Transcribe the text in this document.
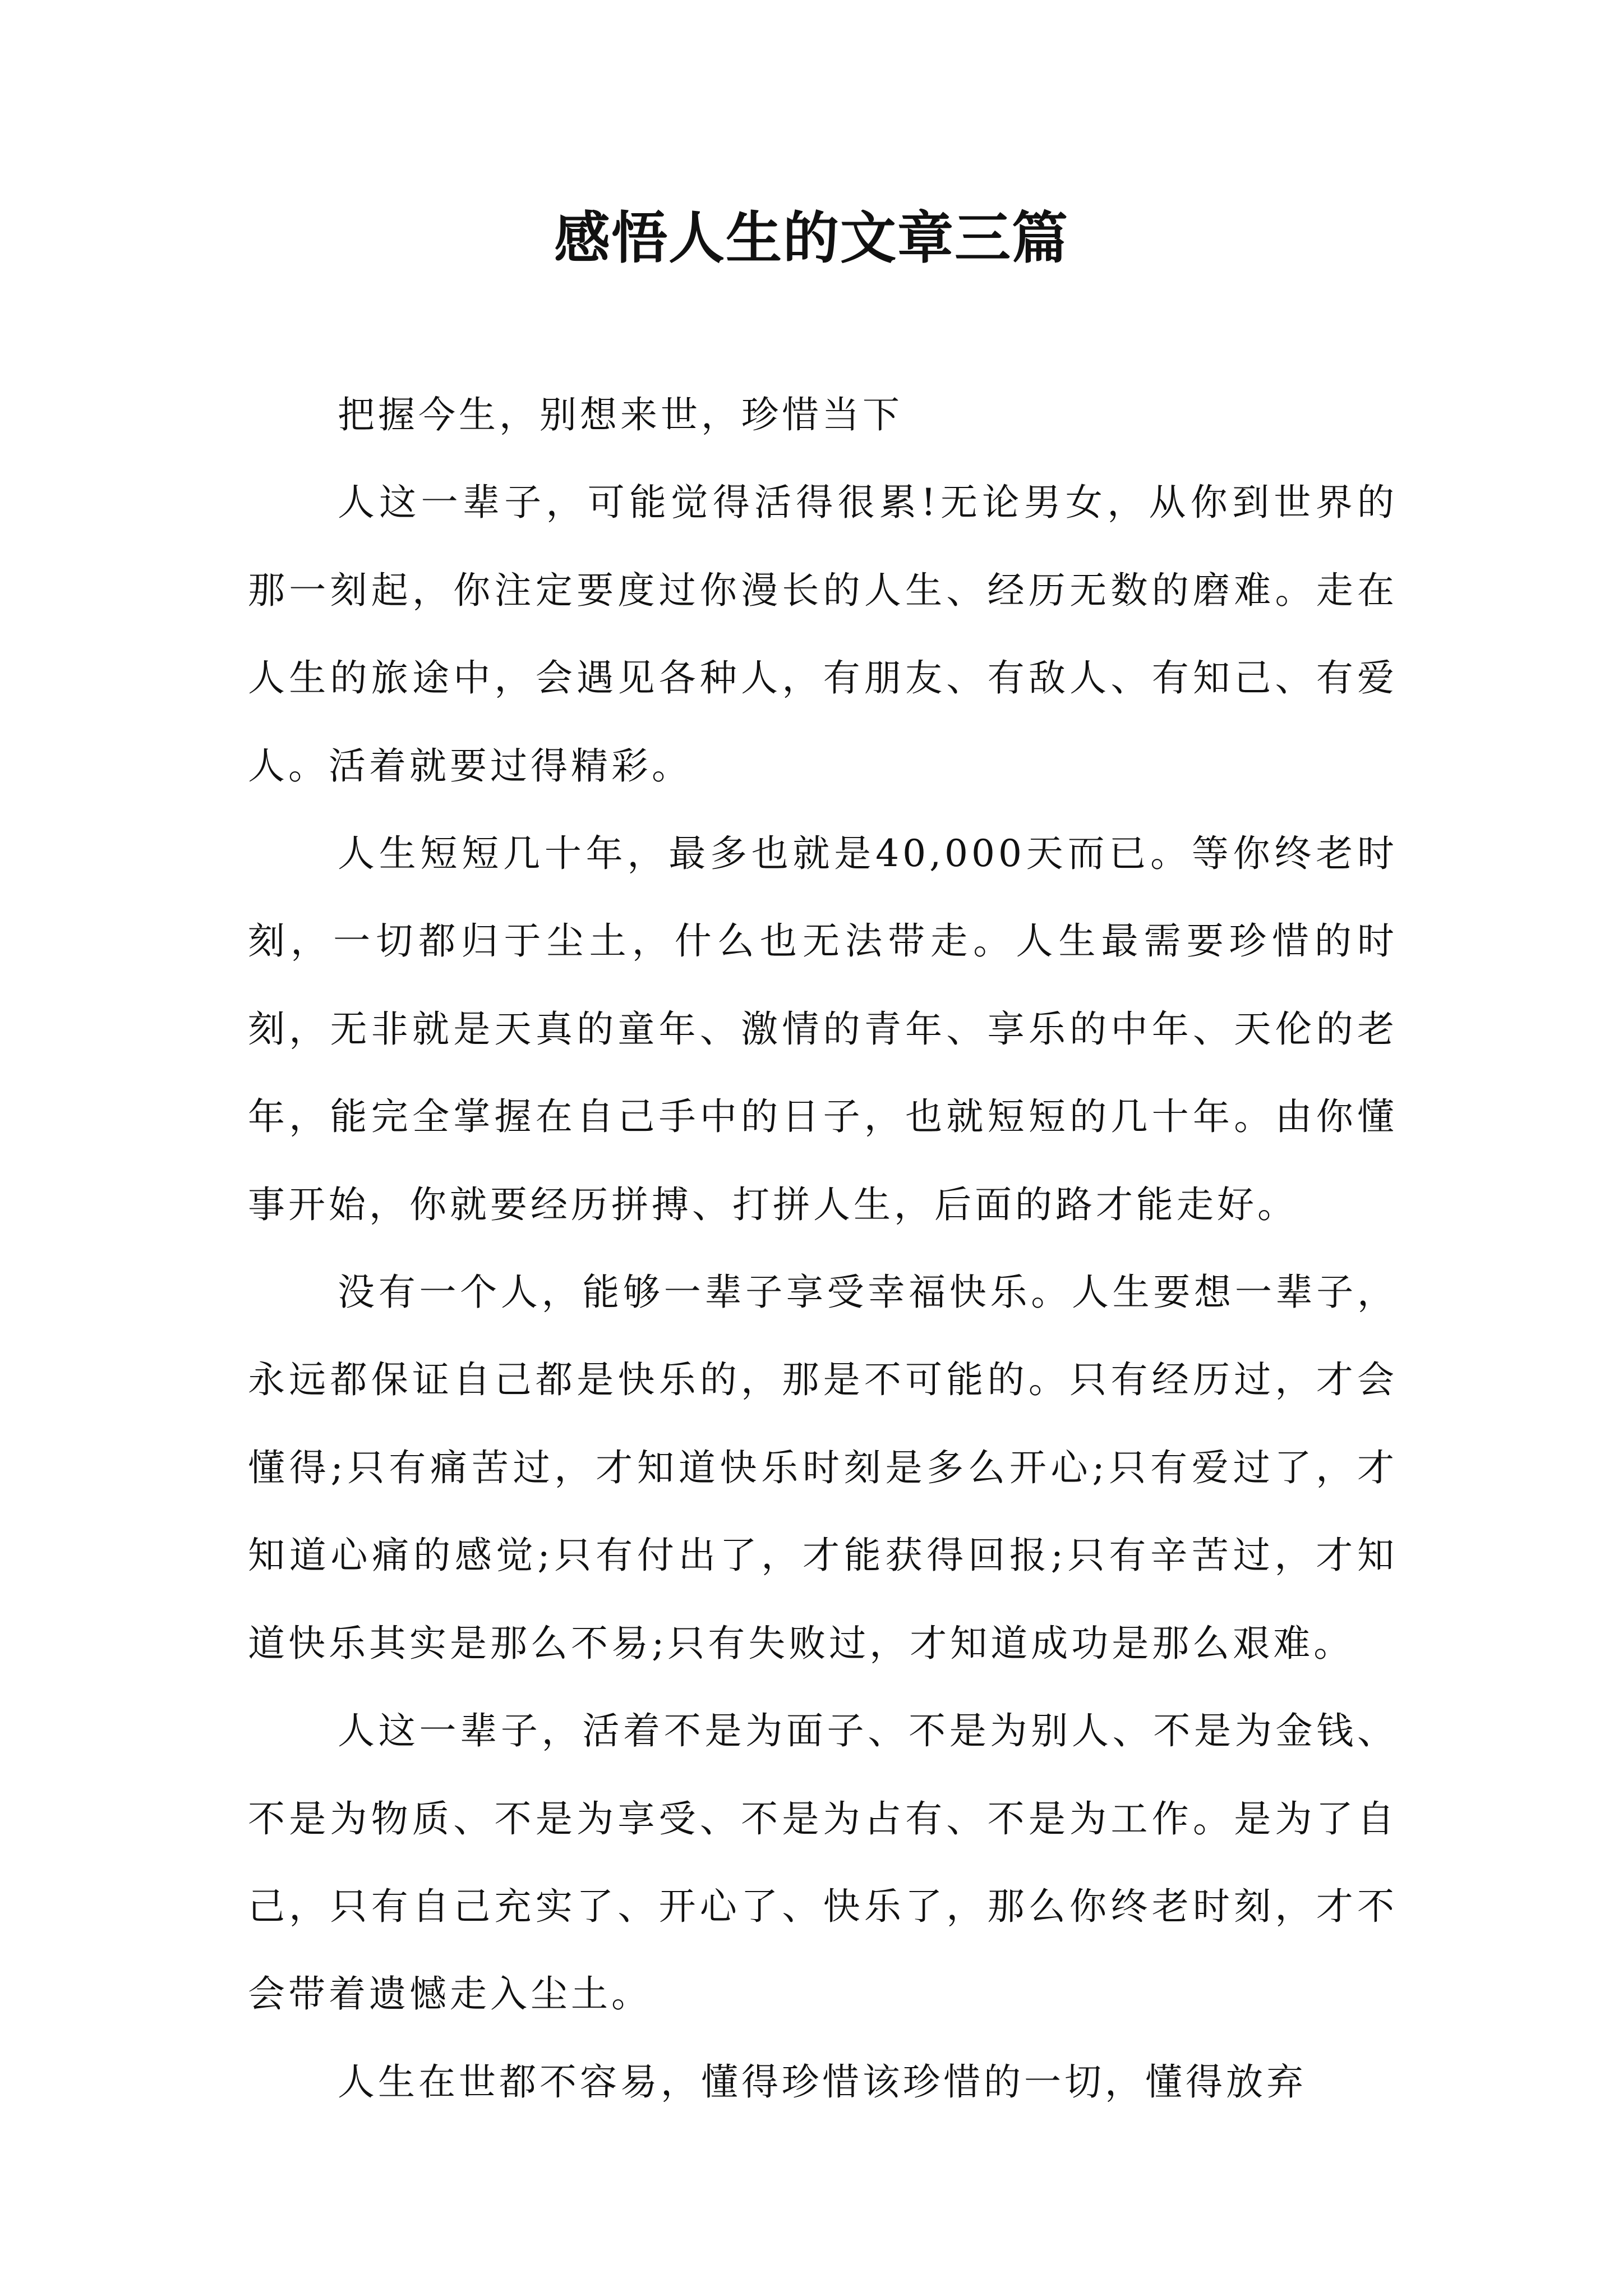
感悟人生的文章三篇

把握今生，别想来世，珍惜当下

人这一辈子，可能觉得活得很累!无论男女，从你到世界的那一刻起，你注定要度过你漫长的人生、经历无数的磨难。走在人生的旅途中，会遇见各种人，有朋友、有敌人、有知己、有爱人。活着就要过得精彩。

人生短短几十年，最多也就是40,000天而已。等你终老时刻，一切都归于尘土，什么也无法带走。人生最需要珍惜的时刻，无非就是天真的童年、激情的青年、享乐的中年、天伦的老年，能完全掌握在自己手中的日子，也就短短的几十年。由你懂事开始，你就要经历拼搏、打拼人生，后面的路才能走好。

没有一个人，能够一辈子享受幸福快乐。人生要想一辈子，永远都保证自己都是快乐的，那是不可能的。只有经历过，才会懂得;只有痛苦过，才知道快乐时刻是多么开心;只有爱过了，才知道心痛的感觉;只有付出了，才能获得回报;只有辛苦过，才知道快乐其实是那么不易;只有失败过，才知道成功是那么艰难。

人这一辈子，活着不是为面子、不是为别人、不是为金钱、不是为物质、不是为享受、不是为占有、不是为工作。是为了自己，只有自己充实了、开心了、快乐了，那么你终老时刻，才不会带着遗憾走入尘土。

人生在世都不容易，懂得珍惜该珍惜的一切，懂得放弃
